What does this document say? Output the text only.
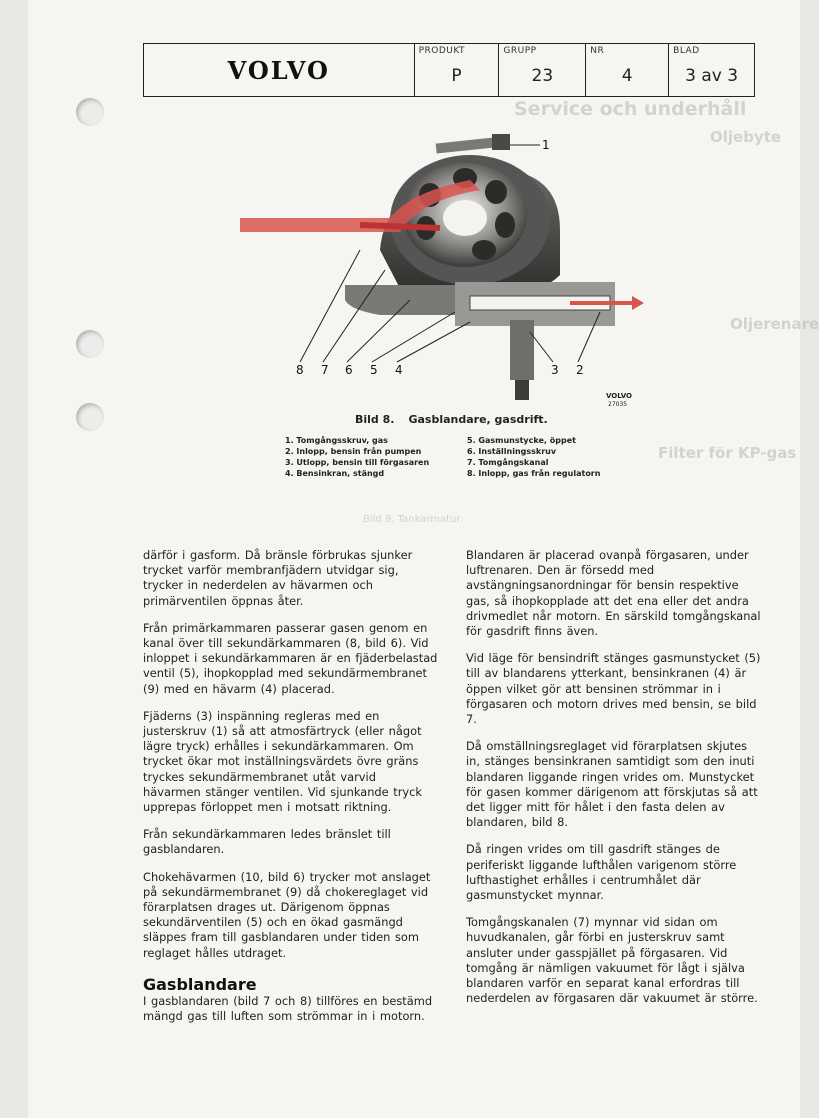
Service och underhåll
Oljebyte
Oljerenare
Filter för KP-gas
Bild 9. Tankarmatur.
VOLVO
PRODUKT
P
GRUPP
23
NR
4
BLAD
3 av 3
1
2
3
4
5
6
7
8
VOLVO
27035
Bild 8. Gasblandare, gasdrift.
1. Tomgångsskruv, gas	5. Gasmunstycke, öppet
2. Inlopp, bensin från pumpen	6. Inställningsskruv
3. Utlopp, bensin till förgasaren	7. Tomgångskanal
4. Bensinkran, stängd	8. Inlopp, gas från regulatorn

därför i gasform. Då bränsle förbrukas sjunker trycket varför membranfjädern utvidgar sig, trycker in nederdelen av hävarmen och primärventilen öppnas åter.

Från primärkammaren passerar gasen genom en kanal över till sekundärkammaren (8, bild 6). Vid inloppet i sekundärkammaren är en fjäderbelastad ventil (5), ihopkopplad med sekundärmembranet (9) med en hävarm (4) placerad.

Fjäderns (3) inspänning regleras med en justerskruv (1) så att atmosfärtryck (eller något lägre tryck) erhålles i sekundärkammaren. Om trycket ökar mot inställningsvärdets övre gräns tryckes sekundärmembranet utåt varvid hävarmen stänger ventilen. Vid sjunkande tryck upprepas förloppet men i motsatt riktning.

Från sekundärkammaren ledes bränslet till gasblandaren.

Chokehävarmen (10, bild 6) trycker mot anslaget på sekundärmembranet (9) då chokereglaget vid förarplatsen drages ut. Därigenom öppnas sekundärventilen (5) och en ökad gasmängd släppes fram till gasblandaren under tiden som reglaget hålles utdraget.

Gasblandare

I gasblandaren (bild 7 och 8) tillföres en bestämd mängd gas till luften som strömmar in i motorn.

Blandaren är placerad ovanpå förgasaren, under luftrenaren. Den är försedd med avstängningsanordningar för bensin respektive gas, så ihopkopplade att det ena eller det andra drivmedlet når motorn. En särskild tomgångskanal för gasdrift finns även.

Vid läge för bensindrift stänges gasmunstycket (5) till av blandarens ytterkant, bensinkranen (4) är öppen vilket gör att bensinen strömmar in i förgasaren och motorn drives med bensin, se bild 7.

Då omställningsreglaget vid förarplatsen skjutes in, stänges bensinkranen samtidigt som den inuti blandaren liggande ringen vrides om. Munstycket för gasen kommer därigenom att förskjutas så att det ligger mitt för hålet i den fasta delen av blandaren, bild 8.

Då ringen vrides om till gasdrift stänges de periferiskt liggande lufthålen varigenom större lufthastighet erhålles i centrumhålet där gasmunstycket mynnar.

Tomgångskanalen (7) mynnar vid sidan om huvudkanalen, går förbi en justerskruv samt ansluter under gasspjället på förgasaren. Vid tomgång är nämligen vakuumet för lågt i själva blandaren varför en separat kanal erfordras till nederdelen av förgasaren där vakuumet är större.
